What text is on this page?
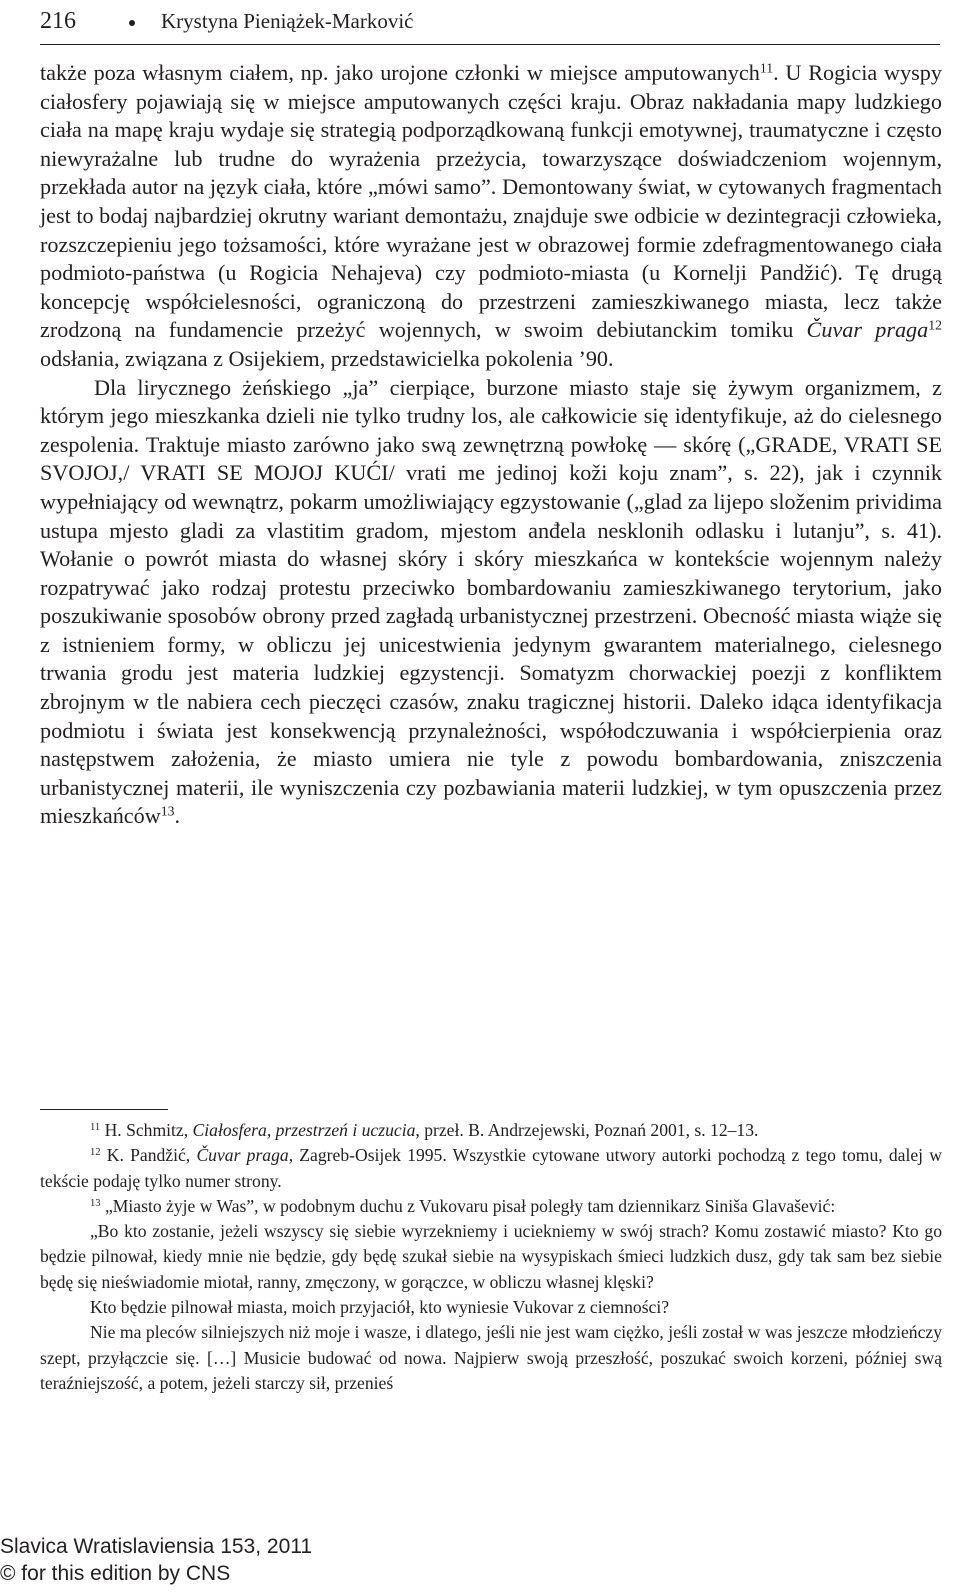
216	Krystyna Pieniążek-Marković

także poza własnym ciałem, np. jako urojone członki w miejsce amputowanych$^{11}$. U Rogicia wyspy ciałosfery pojawiają się w miejsce amputowanych części kraju. Obraz nakładania mapy ludzkiego ciała na mapę kraju wydaje się strategią podporządkowaną funkcji emotywnej, traumatyczne i często niewyrażalne lub trudne do wyrażenia przeżycia, towarzyszące doświadczeniom wojennym, przekłada autor na język ciała, które „mówi samo”. Demontowany świat, w cytowanych fragmentach jest to bodaj najbardziej okrutny wariant demontażu, znajduje swe odbicie w dezintegracji człowieka, rozszczepieniu jego tożsamości, które wyrażane jest w obrazowej formie zdefragmentowanego ciała podmioto-państwa (u Rogicia Nehajeva) czy podmioto-miasta (u Kornelji Pandžić). Tę drugą koncepcję współcielesności, ograniczoną do przestrzeni zamieszkiwanego miasta, lecz także zrodzoną na fundamencie przeżyć wojennych, w swoim debiutanckim tomiku Čuvar praga$^{12}$ odsłania, związana z Osijekiem, przedstawicielka pokolenia ’90.

Dla lirycznego żeńskiego „ja” cierpiące, burzone miasto staje się żywym organizmem, z którym jego mieszkanka dzieli nie tylko trudny los, ale całkowicie się identyfikuje, aż do cielesnego zespolenia. Traktuje miasto zarówno jako swą zewnętrzną powłokę — skórę („GRADE, VRATI SE SVOJOJ,/ VRATI SE MOJOJ KUĆI/ vrati me jedinoj koži koju znam”, s. 22), jak i czynnik wypełniający od wewnątrz, pokarm umożliwiający egzystowanie („glad za lijepo složenim prividima ustupa mjesto gladi za vlastitim gradom, mjestom anđela nesklonih odlasku i lutanju”, s. 41). Wołanie o powrót miasta do własnej skóry i skóry mieszkańca w kontekście wojennym należy rozpatrywać jako rodzaj protestu przeciwko bombardowaniu zamieszkiwanego terytorium, jako poszukiwanie sposobów obrony przed zagładą urbanistycznej przestrzeni. Obecność miasta wiąże się z istnieniem formy, w obliczu jej unicestwienia jedynym gwarantem materialnego, cielesnego trwania grodu jest materia ludzkiej egzystencji. Somatyzm chorwackiej poezji z konfliktem zbrojnym w tle nabiera cech pieczęci czasów, znaku tragicznej historii. Daleko idąca identyfikacja podmiotu i świata jest konsekwencją przynależności, współodczuwania i współcierpienia oraz następstwem założenia, że miasto umiera nie tyle z powodu bombardowania, zniszczenia urbanistycznej materii, ile wyniszczenia czy pozbawiania materii ludzkiej, w tym opuszczenia przez mieszkańców$^{13}$.

$^{11}$ H. Schmitz, Ciałosfera, przestrzeń i uczucia, przeł. B. Andrzejewski, Poznań 2001, s. 12–13.

$^{12}$ K. Pandžić, Čuvar praga, Zagreb-Osijek 1995. Wszystkie cytowane utwory autorki pochodzą z tego tomu, dalej w tekście podaję tylko numer strony.

$^{13}$ „Miasto żyje w Was”, w podobnym duchu z Vukovaru pisał poległy tam dziennikarz Siniša Glavašević:

„Bo kto zostanie, jeżeli wszyscy się siebie wyrzekniemy i uciekniemy w swój strach? Komu zostawić miasto? Kto go będzie pilnował, kiedy mnie nie będzie, gdy będę szukał siebie na wysypiskach śmieci ludzkich dusz, gdy tak sam bez siebie będę się nieświadomie miotał, ranny, zmęczony, w gorączce, w obliczu własnej klęski?

Kto będzie pilnował miasta, moich przyjaciół, kto wyniesie Vukovar z ciemności?

Nie ma pleców silniejszych niż moje i wasze, i dlatego, jeśli nie jest wam ciężko, jeśli został w was jeszcze młodzieńczy szept, przyłączcie się. […] Musicie budować od nowa. Najpierw swoją przeszłość, poszukać swoich korzeni, później swą teraźniejszość, a potem, jeżeli starczy sił, przenieś

Slavica Wratislaviensia 153, 2011
© for this edition by CNS
